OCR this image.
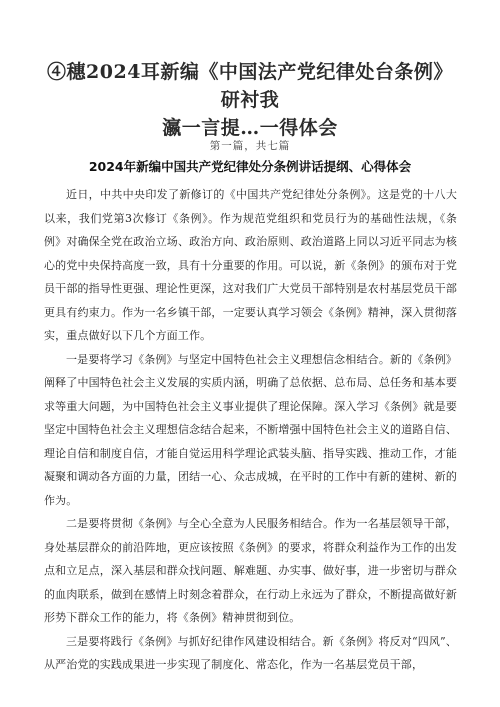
④穗2024耳新编《中国法产党纪律处台条例》研衬我
瀛一言提…一得体会
第一篇，共七篇
2024年新编中国共产党纪律处分条例讲话提纲、心得体会

近日，中共中央印发了新修订的《中国共产党纪律处分条例》。这是党的十八大以来，我们党第3次修订《条例》。作为规范党组织和党员行为的基础性法规，《条例》对确保全党在政治立场、政治方向、政治原则、政治道路上同以习近平同志为核心的党中央保持高度一致，具有十分重要的作用。可以说，新《条例》的颁布对于党员干部的指导性更强、理论性更深，这对我们广大党员干部特别是农村基层党员干部更具有约束力。作为一名乡镇干部，一定要认真学习领会《条例》精神，深入贯彻落实，重点做好以下几个方面工作。

一是要将学习《条例》与坚定中国特色社会主义理想信念相结合。新的《条例》阐释了中国特色社会主义发展的实质内涵，明确了总依据、总布局、总任务和基本要求等重大问题，为中国特色社会主义事业提供了理论保障。深入学习《条例》就是要坚定中国特色社会主义理想信念结合起来，不断增强中国特色社会主义的道路自信、理论自信和制度自信，才能自觉运用科学理论武装头脑、指导实践、推动工作，才能凝聚和调动各方面的力量，团结一心、众志成城，在平时的工作中有新的建树、新的作为。

二是要将贯彻《条例》与全心全意为人民服务相结合。作为一名基层领导干部，身处基层群众的前沿阵地，更应该按照《条例》的要求，将群众利益作为工作的出发点和立足点，深入基层和群众找问题、解难题、办实事、做好事，进一步密切与群众的血肉联系，做到在感情上时刻念着群众，在行动上永远为了群众，不断提高做好新形势下群众工作的能力，将《条例》精神贯彻到位。

三是要将践行《条例》与抓好纪律作风建设相结合。新《条例》将反对“四风”、从严治党的实践成果进一步实现了制度化、常态化，作为一名基层党员干部，
